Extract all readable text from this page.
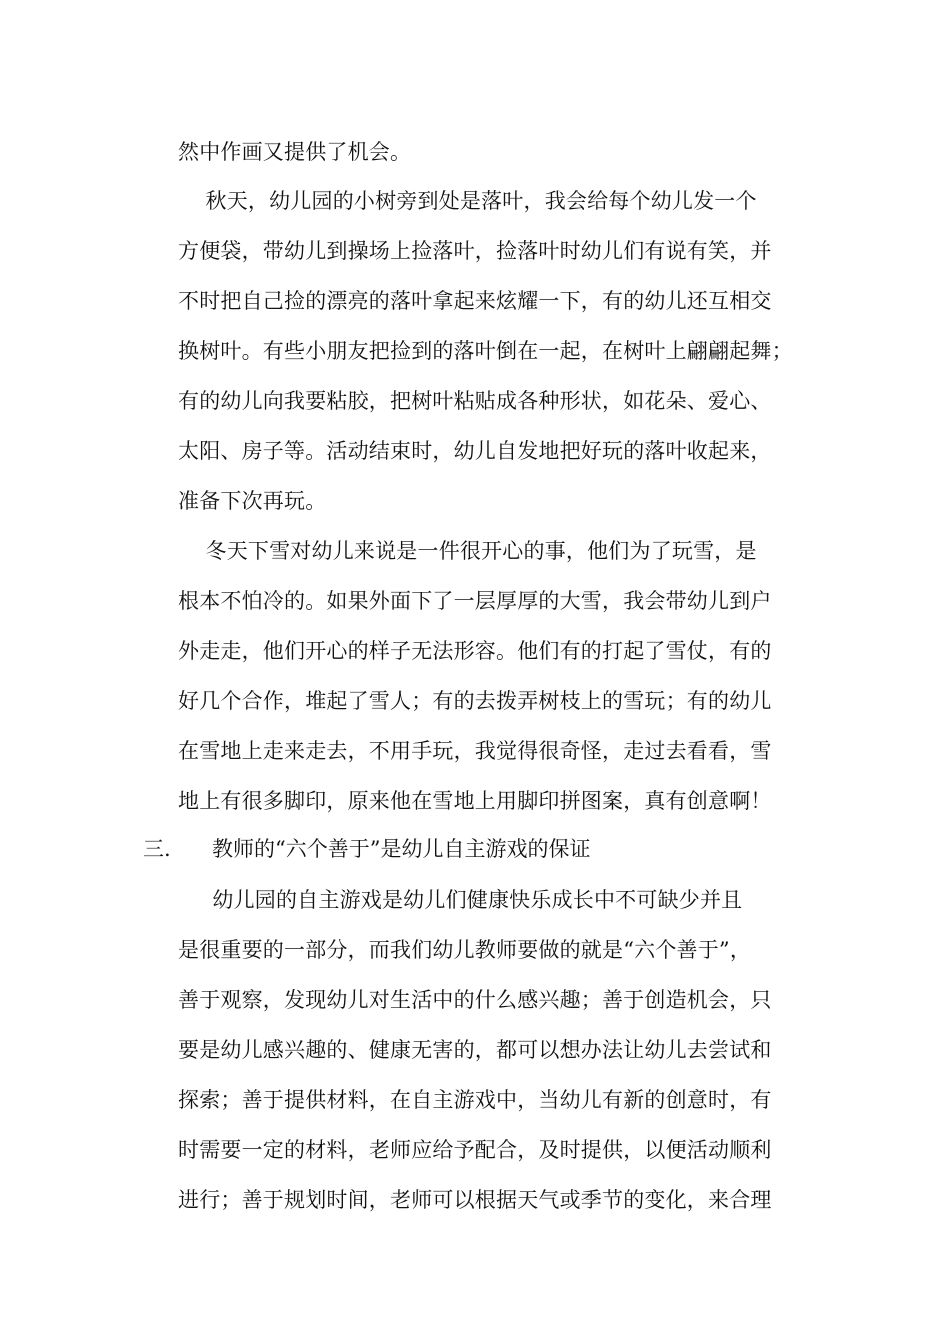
然中作画又提供了机会。
秋天，幼儿园的小树旁到处是落叶，我会给每个幼儿发一个
方便袋，带幼儿到操场上捡落叶，捡落叶时幼儿们有说有笑，并
不时把自己捡的漂亮的落叶拿起来炫耀一下，有的幼儿还互相交
换树叶。有些小朋友把捡到的落叶倒在一起，在树叶上翩翩起舞；
有的幼儿向我要粘胶，把树叶粘贴成各种形状，如花朵、爱心、
太阳、房子等。活动结束时，幼儿自发地把好玩的落叶收起来，
准备下次再玩。
冬天下雪对幼儿来说是一件很开心的事，他们为了玩雪，是
根本不怕冷的。如果外面下了一层厚厚的大雪，我会带幼儿到户
外走走，他们开心的样子无法形容。他们有的打起了雪仗，有的
好几个合作，堆起了雪人；有的去拨弄树枝上的雪玩；有的幼儿
在雪地上走来走去，不用手玩，我觉得很奇怪，走过去看看，雪
地上有很多脚印，原来他在雪地上用脚印拼图案，真有创意啊！
三. 教师的“六个善于”是幼儿自主游戏的保证
幼儿园的自主游戏是幼儿们健康快乐成长中不可缺少并且
是很重要的一部分，而我们幼儿教师要做的就是“六个善于”，
善于观察，发现幼儿对生活中的什么感兴趣；善于创造机会，只
要是幼儿感兴趣的、健康无害的，都可以想办法让幼儿去尝试和
探索；善于提供材料，在自主游戏中，当幼儿有新的创意时，有
时需要一定的材料，老师应给予配合，及时提供，以便活动顺利
进行；善于规划时间，老师可以根据天气或季节的变化，来合理
